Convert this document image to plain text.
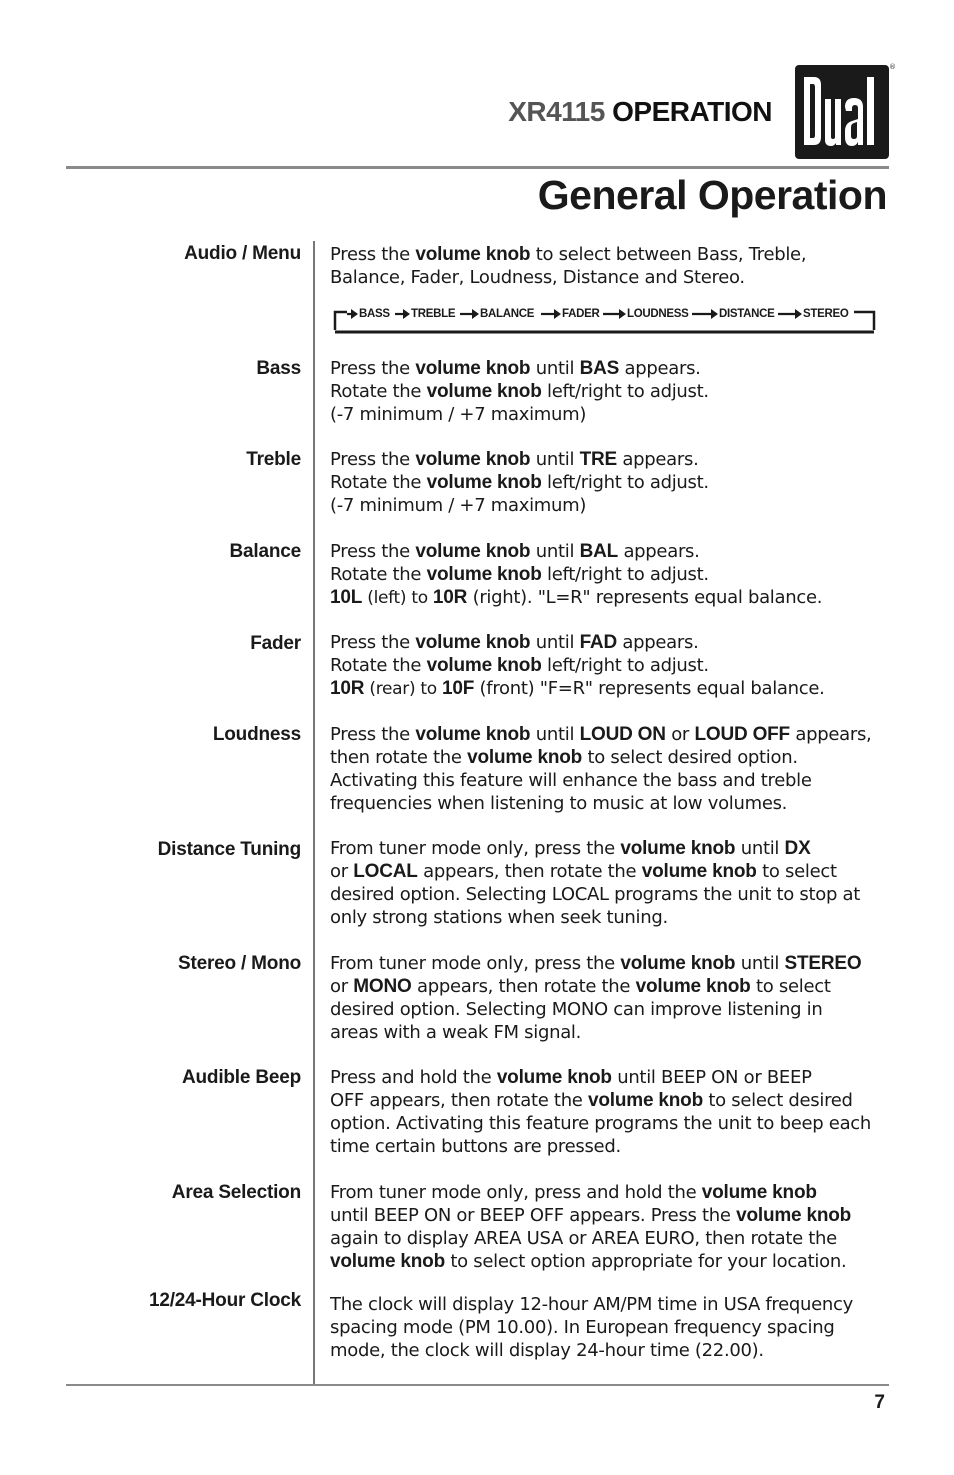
XR4115 OPERATION
®
General Operation
Audio / Menu
Bass
Treble
Balance
Fader
Loudness
Distance Tuning
Stereo / Mono
Audible Beep
Area Selection
12/24-Hour Clock
Press the volume knob to select between Bass, Treble,
Balance, Fader, Loudness, Distance and Stereo.
Press the volume knob until BAS appears.
Rotate the volume knob left/right to adjust.
(-7 minimum / +7 maximum)
Press the volume knob until TRE appears.
Rotate the volume knob left/right to adjust.
(-7 minimum / +7 maximum)
Press the volume knob until BAL appears.
Rotate the volume knob left/right to adjust.
10L (left) to 10R (right). "L=R" represents equal balance.
Press the volume knob until FAD appears.
Rotate the volume knob left/right to adjust.
10R (rear) to 10F (front) "F=R" represents equal balance.
Press the volume knob until LOUD ON or LOUD OFF appears,
then rotate the volume knob to select desired option.
Activating this feature will enhance the bass and treble
frequencies when listening to music at low volumes.
From tuner mode only, press the volume knob until DX
or LOCAL appears, then rotate the volume knob to select
desired option. Selecting LOCAL programs the unit to stop at
only strong stations when seek tuning.
From tuner mode only, press the volume knob until STEREO
or MONO appears, then rotate the volume knob to select
desired option. Selecting MONO can improve listening in
areas with a weak FM signal.
Press and hold the volume knob until BEEP ON or BEEP
OFF appears, then rotate the volume knob to select desired
option. Activating this feature programs the unit to beep each
time certain buttons are pressed.
From tuner mode only, press and hold the volume knob
until BEEP ON or BEEP OFF appears. Press the volume knob
again to display AREA USA or AREA EURO, then rotate the
volume knob to select option appropriate for your location.
The clock will display 12-hour AM/PM time in USA frequency
spacing mode (PM 10.00). In European frequency spacing
mode, the clock will display 24-hour time (22.00).
BASS TREBLE BALANCE FADER LOUDNESS	DISTANCE STEREO
7
